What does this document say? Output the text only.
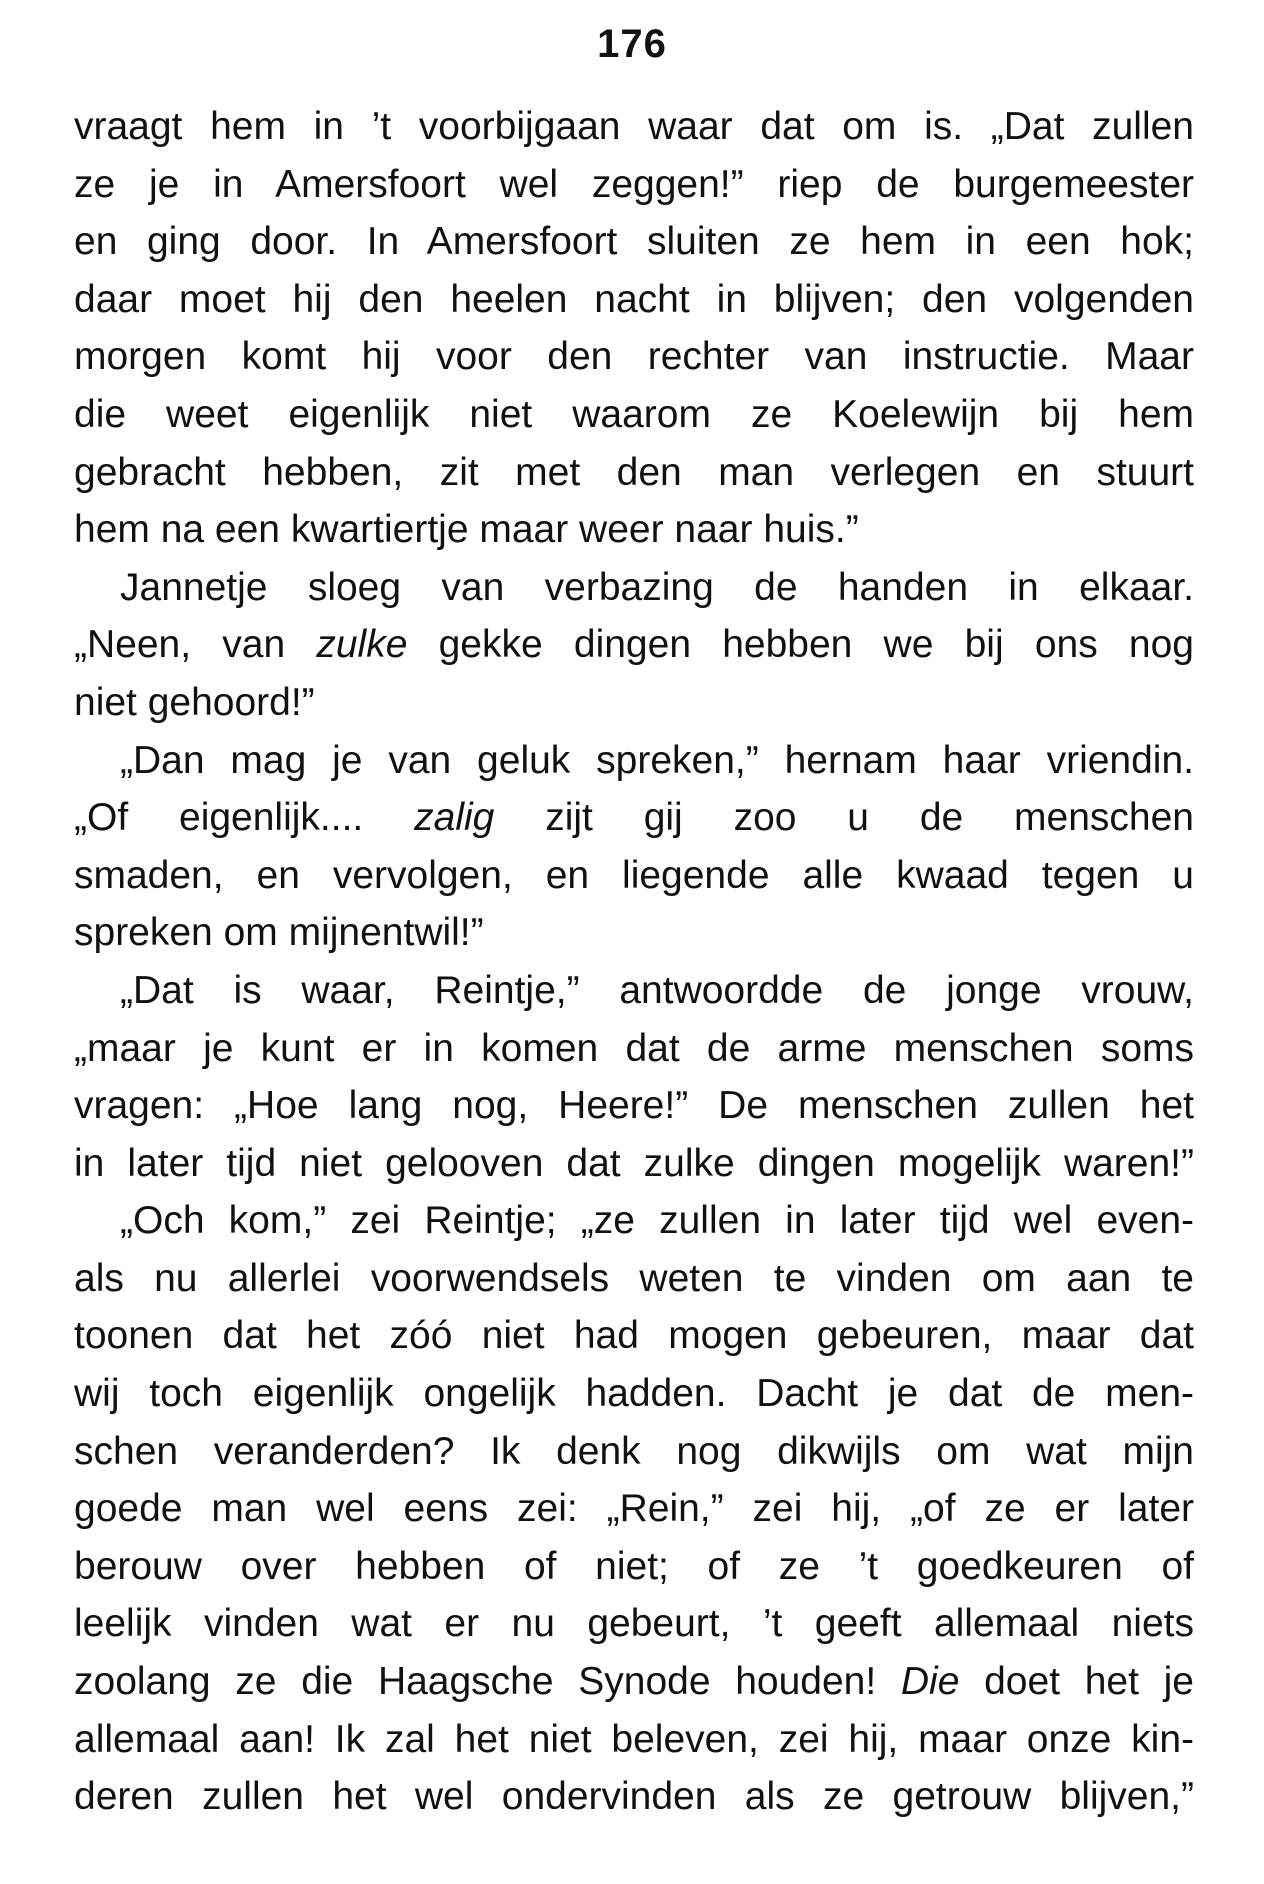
176
vraagt hem in ’t voorbijgaan waar dat om is. „Dat zullen
ze je in Amersfoort wel zeggen!” riep de burgemeester
en ging door. In Amersfoort sluiten ze hem in een hok;
daar moet hij den heelen nacht in blijven; den volgenden
morgen komt hij voor den rechter van instructie. Maar
die weet eigenlijk niet waarom ze Koelewijn bij hem
gebracht hebben, zit met den man verlegen en stuurt
hem na een kwartiertje maar weer naar huis.”
Jannetje sloeg van verbazing de handen in elkaar.
„Neen, van zulke gekke dingen hebben we bij ons nog
niet gehoord!”
„Dan mag je van geluk spreken,” hernam haar vriendin.
„Of eigenlijk.... zalig zijt gij zoo u de menschen
smaden, en vervolgen, en liegende alle kwaad tegen u
spreken om mijnentwil!”
„Dat is waar, Reintje,” antwoordde de jonge vrouw,
„maar je kunt er in komen dat de arme menschen soms
vragen: „Hoe lang nog, Heere!” De menschen zullen het
in later tijd niet gelooven dat zulke dingen mogelijk waren!”
„Och kom,” zei Reintje; „ze zullen in later tijd wel even-
als nu allerlei voorwendsels weten te vinden om aan te
toonen dat het zóó niet had mogen gebeuren, maar dat
wij toch eigenlijk ongelijk hadden. Dacht je dat de men-
schen veranderden? Ik denk nog dikwijls om wat mijn
goede man wel eens zei: „Rein,” zei hij, „of ze er later
berouw over hebben of niet; of ze ’t goedkeuren of
leelijk vinden wat er nu gebeurt, ’t geeft allemaal niets
zoolang ze die Haagsche Synode houden! Die doet het je
allemaal aan! Ik zal het niet beleven, zei hij, maar onze kin-
deren zullen het wel ondervinden als ze getrouw blijven,”
